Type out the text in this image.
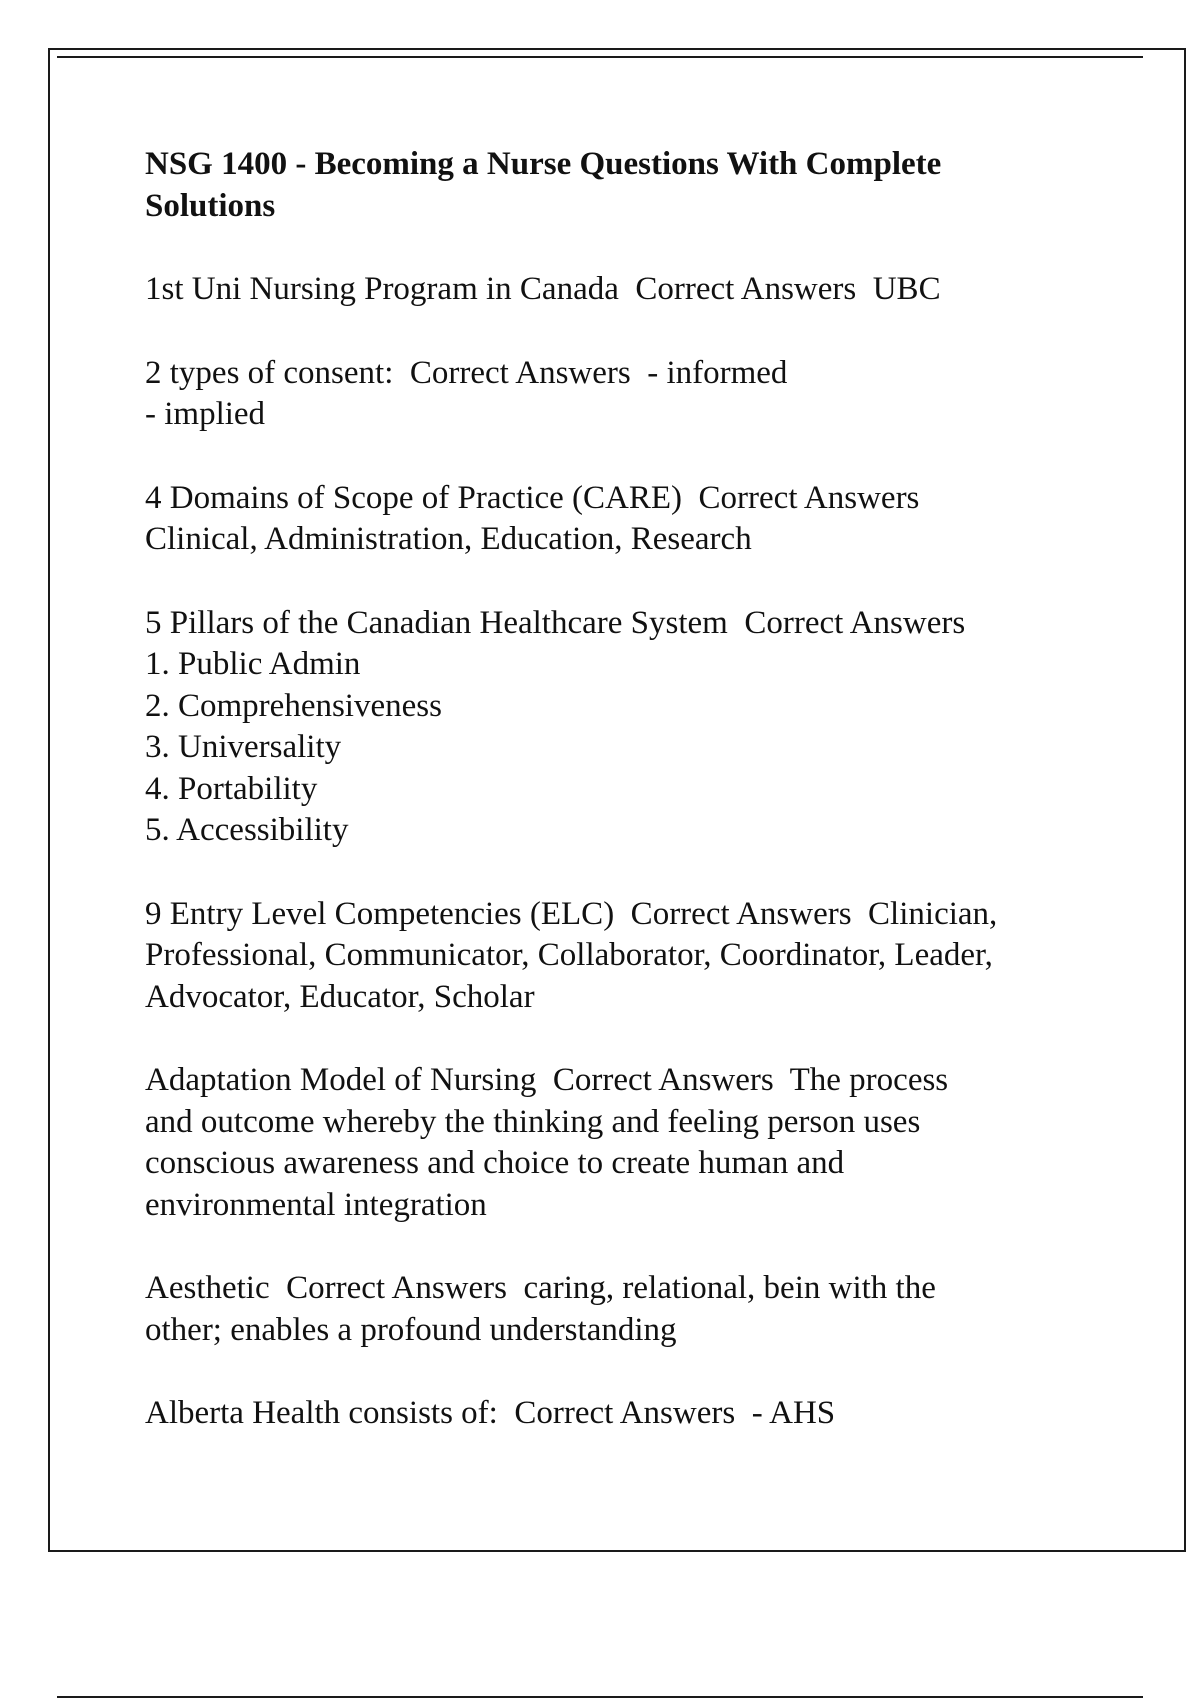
NSG 1400 - Becoming a Nurse Questions With Complete
Solutions
1st Uni Nursing Program in Canada  Correct Answers  UBC
2 types of consent:  Correct Answers  - informed
- implied
4 Domains of Scope of Practice (CARE)  Correct Answers
Clinical, Administration, Education, Research
5 Pillars of the Canadian Healthcare System  Correct Answers
1. Public Admin
2. Comprehensiveness
3. Universality
4. Portability
5. Accessibility
9 Entry Level Competencies (ELC)  Correct Answers  Clinician,
Professional, Communicator, Collaborator, Coordinator, Leader,
Advocator, Educator, Scholar
Adaptation Model of Nursing  Correct Answers  The process
and outcome whereby the thinking and feeling person uses
conscious awareness and choice to create human and
environmental integration
Aesthetic  Correct Answers  caring, relational, bein with the
other; enables a profound understanding
Alberta Health consists of:  Correct Answers  - AHS
